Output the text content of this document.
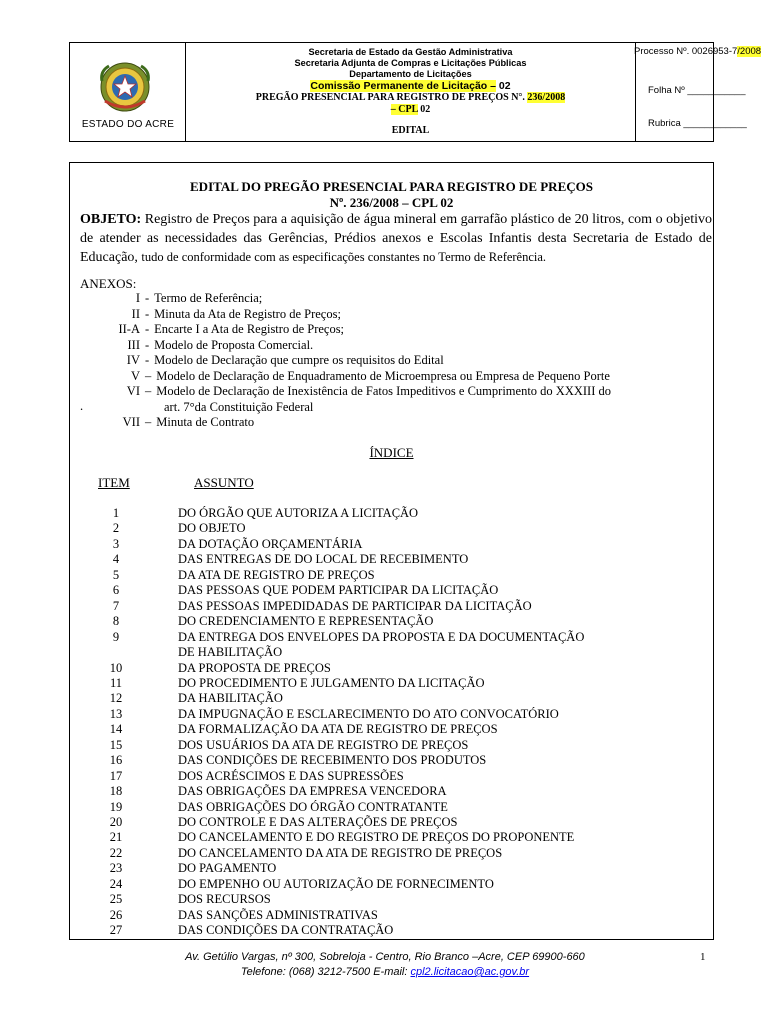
ESTADO DO ACRE
Secretaria de Estado da Gestão Administrativa
Secretaria Adjunta de Compras e Licitações Públicas
Departamento de Licitações
Comissão Permanente de Licitação – 02
PREGÃO PRESENCIAL PARA REGISTRO DE PREÇOS N°. 236/2008
– CPL 02
EDITAL
Processo Nº. 0026953-7/2008
Folha Nº ___________
Rubrica ____________
EDITAL DO PREGÃO PRESENCIAL PARA REGISTRO DE PREÇOS
Nº. 236/2008 – CPL 02
OBJETO: Registro de Preços para a aquisição de água mineral em garrafão plástico de 20 litros, com o objetivo de atender as necessidades das Gerências, Prédios anexos e Escolas Infantis desta Secretaria de Estado de Educação, tudo de conformidade com as especificações constantes no Termo de Referência.
ANEXOS:
I - Termo de Referência;
II - Minuta da Ata de Registro de Preços;
II-A - Encarte I a Ata de Registro de Preços;
III - Modelo de Proposta Comercial.
IV - Modelo de Declaração que cumpre os requisitos do Edital
V – Modelo de Declaração de Enquadramento de Microempresa ou Empresa de Pequeno Porte
VI – Modelo de Declaração de Inexistência de Fatos Impeditivos e Cumprimento do XXXIII do
art. 7°da Constituição Federal
VII – Minuta de Contrato
.
ÍNDICE
ITEM	ASSUNTO
1	DO ÓRGÃO QUE AUTORIZA A LICITAÇÃO
2	DO OBJETO
3	DA DOTAÇÃO ORÇAMENTÁRIA
4	DAS ENTREGAS DE DO LOCAL DE RECEBIMENTO
5	DA ATA DE REGISTRO DE PREÇOS
6	DAS PESSOAS QUE PODEM PARTICIPAR DA LICITAÇÃO
7	DAS PESSOAS IMPEDIDADAS DE PARTICIPAR DA LICITAÇÃO
8	DO CREDENCIAMENTO E REPRESENTAÇÃO
9	DA ENTREGA DOS ENVELOPES DA PROPOSTA E DA DOCUMENTAÇÃO
DE HABILITAÇÃO
10	DA PROPOSTA DE PREÇOS
11	DO PROCEDIMENTO E JULGAMENTO DA LICITAÇÃO
12	DA HABILITAÇÃO
13	DA IMPUGNAÇÃO E ESCLARECIMENTO DO ATO CONVOCATÓRIO
14	DA FORMALIZAÇÃO DA ATA DE REGISTRO DE PREÇOS
15	DOS USUÁRIOS DA ATA DE REGISTRO DE PREÇOS
16	DAS CONDIÇÕES DE RECEBIMENTO DOS PRODUTOS
17	DOS ACRÉSCIMOS E DAS SUPRESSÕES
18	DAS OBRIGAÇÕES DA EMPRESA VENCEDORA
19	DAS OBRIGAÇÕES DO ÓRGÃO CONTRATANTE
20	DO CONTROLE E DAS ALTERAÇÕES DE PREÇOS
21	DO CANCELAMENTO E DO REGISTRO DE PREÇOS DO PROPONENTE
22	DO CANCELAMENTO DA ATA DE REGISTRO DE PREÇOS
23	DO PAGAMENTO
24	DO EMPENHO OU AUTORIZAÇÃO DE FORNECIMENTO
25	DOS RECURSOS
26	DAS SANÇÕES ADMINISTRATIVAS
27	DAS CONDIÇÕES DA CONTRATAÇÃO
Av. Getúlio Vargas, nº 300, Sobreloja - Centro, Rio Branco –Acre, CEP 69900-660
Telefone: (068) 3212-7500 E-mail: cpl2.licitacao@ac.gov.br
1
